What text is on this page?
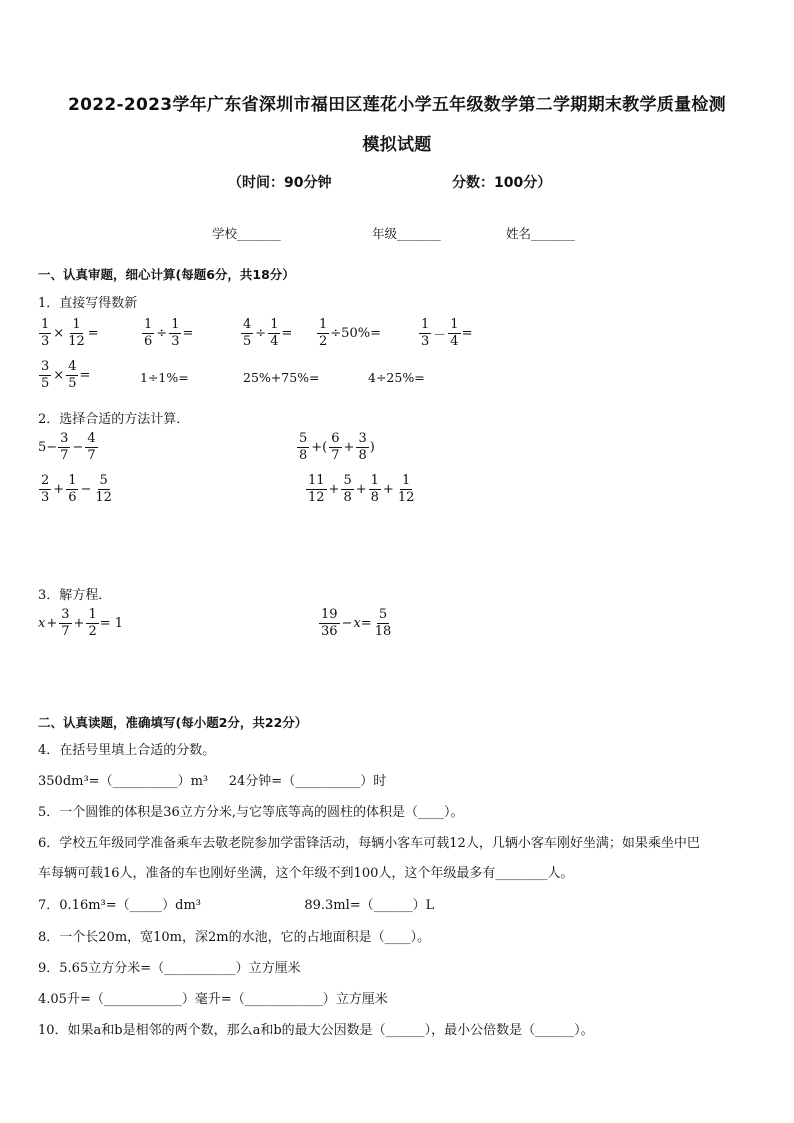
2022-2023学年广东省深圳市福田区莲花小学五年级数学第二学期期末教学质量检测
模拟试题
（时间：90分钟	分数：100分）
学校_______	年级_______	姓名_______
一、认真审题，细心计算(每题6分，共18分）
1．直接写得数新
$\frac{1}{3} \times \frac{1}{12}$ =	$\frac{1}{6} \div \frac{1}{3}$ =	$\frac{4}{5} \div \frac{1}{4} = \frac{1}{2} \div 50\%=$	$\frac{1}{3} - \frac{1}{4}$ =
$\frac{3}{5} \times \frac{4}{5}$ =	1÷1%=	25%+75%=	4÷25%=
2．选择合适的方法计算．
$5- \frac{3}{7} - \frac{4}{7}$	$\frac{5}{8}$ +( $\frac{6}{7} + \frac{3}{8}$ )
$\frac{2}{3} + \frac{1}{6} - \frac{5}{12}$	$\frac{11}{12} + \frac{5}{8} + \frac{1}{8} + \frac{1}{12}$
3．解方程．
$x + \frac{3}{7} + \frac{1}{2} = 1$	$\frac{19}{36} - x = \frac{5}{18}$
二、认真读题，准确填写(每小题2分，共22分）
4．在括号里填上合适的分数。
350dm³=（__________）m³     24分钟=（__________）时
5．一个圆锥的体积是36立方分米,与它等底等高的圆柱的体积是（____）。
6．学校五年级同学准备乘车去敬老院参加学雷锋活动，每辆小客车可载12人，几辆小客车刚好坐满；如果乘坐中巴
车每辆可载16人，准备的车也刚好坐满，这个年级不到100人，这个年级最多有________人。
7．0.16m³=（_____）dm³                         89.3ml=（______）L
8．一个长20m，宽10m，深2m的水池，它的占地面积是（____）。
9．5.65立方分米=（___________）立方厘米
4.05升=（____________）毫升=（____________）立方厘米
10．如果a和b是相邻的两个数，那么a和b的最大公因数是（______），最小公倍数是（______）。
